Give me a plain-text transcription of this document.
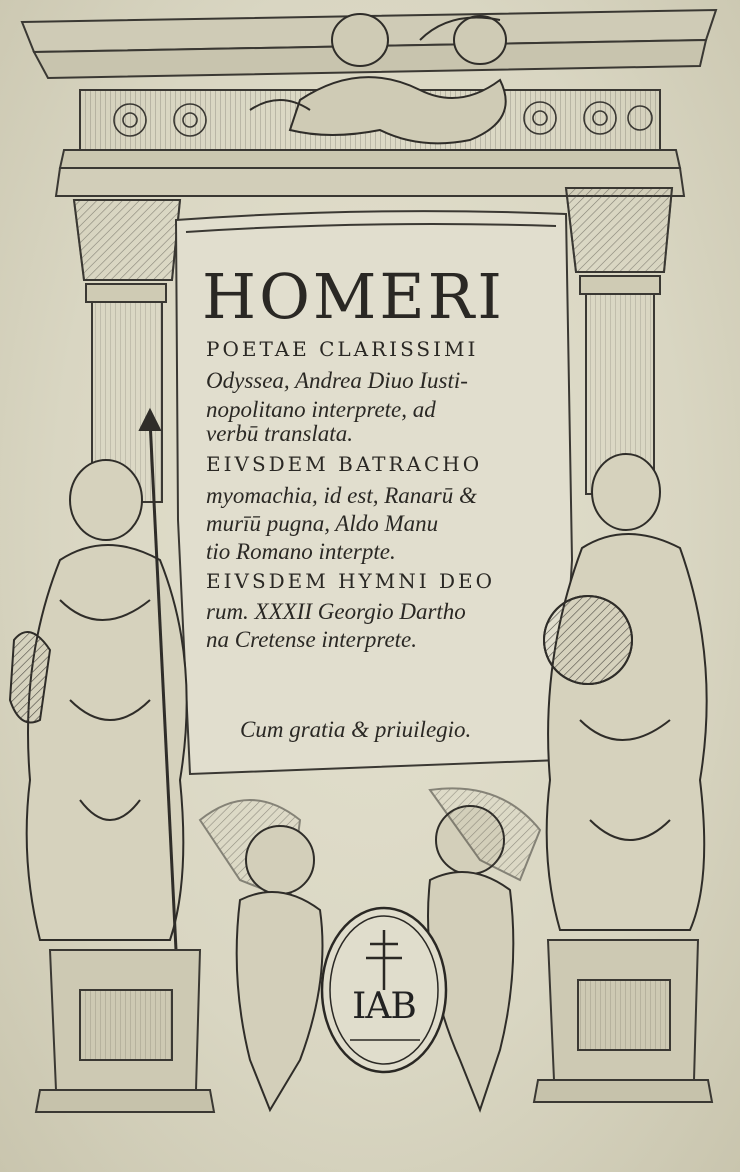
HOMERI
POETAE CLARISSIMI
Odyssea, Andrea Diuo Iusti-
nopolitano interprete, ad
verbū translata.
EIVSDEM BATRACHO
myomachia, id est, Ranarū &
murīū pugna, Aldo Manu
tio Romano interpte.
EIVSDEM HYMNI DEO
rum. XXXII Georgio Dartho
na Cretense interprete.
Cum gratia & priuilegio.
IAB
